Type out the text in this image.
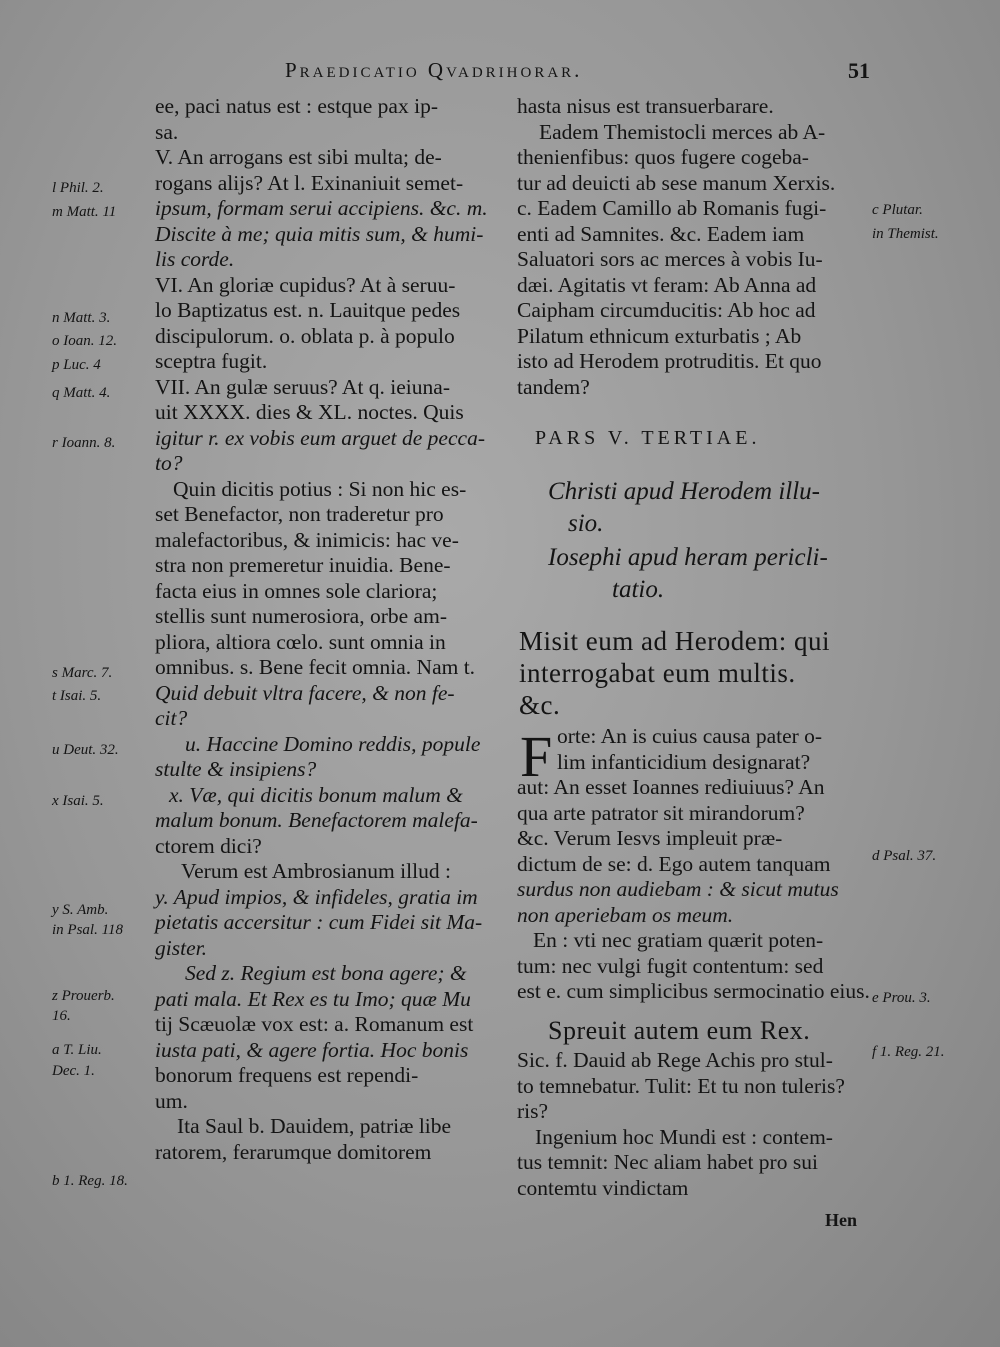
Praedicatio Qvadrihorar.	51
ee, paci natus est : estque pax ip-
sa.
V. An arrogans est sibi multa; de-
rogans alijs? At l. Exinaniuit semet-
ipsum, formam serui accipiens. &c. m.
Discite à me; quia mitis sum, & humi-
lis corde.
VI. An gloriæ cupidus? At à seruu-
lo Baptizatus est. n. Lauitque pedes
discipulorum. o. oblata p. à populo
sceptra fugit.
VII. An gulæ seruus? At q. ieiuna-
uit XXXX. dies & XL. noctes. Quis
igitur r. ex vobis eum arguet de pecca-
to?
Quin dicitis potius : Si non hic es-
set Benefactor, non traderetur pro
malefactoribus, & inimicis: hac ve-
stra non premeretur inuidia. Bene-
facta eius in omnes sole clariora;
stellis sunt numerosiora, orbe am-
pliora, altiora cœlo. sunt omnia in
omnibus. s. Bene fecit omnia. Nam t.
Quid debuit vltra facere, & non fe-
cit?
u. Haccine Domino reddis, popule
stulte & insipiens?
x. Væ, qui dicitis bonum malum &
malum bonum. Benefactorem malefa-
ctorem dici?
Verum est Ambrosianum illud :
y. Apud impios, & infideles, gratia im
pietatis accersitur : cum Fidei sit Ma-
gister.
Sed z. Regium est bona agere; &
pati mala. Et Rex es tu Imo; quæ Mu
tij Scæuolæ vox est: a. Romanum est
iusta pati, & agere fortia. Hoc bonis
bonorum frequens est rependi-
um.
Ita Saul b. Dauidem, patriæ libe
ratorem, ferarumque domitorem
l Phil. 2.
m Matt. 11
n Matt. 3.
o Ioan. 12.
p Luc. 4
q Matt. 4.
r Ioann. 8.
s Marc. 7.
t Isai. 5.
u Deut. 32.
x Isai. 5.
y S. Amb.
in Psal. 118
z Prouerb.
16.
a T. Liu.
Dec. 1.
b 1. Reg. 18.
hasta nisus est transuerbarare.
Eadem Themistocli merces ab A-
thenienfibus: quos fugere cogeba-
tur ad deuicti ab sese manum Xerxis.
c. Eadem Camillo ab Romanis fugi-
enti ad Samnites. &c. Eadem iam
Saluatori sors ac merces à vobis Iu-
dæi. Agitatis vt feram: Ab Anna ad
Caipham circumducitis: Ab hoc ad
Pilatum ethnicum exturbatis ; Ab
isto ad Herodem protruditis. Et quo
tandem?
PARS V. TERTIAE.
Christi apud Herodem illu-
sio.
Iosephi apud heram pericli-
tatio.
Misit eum ad Herodem: qui
interrogabat eum multis.
&c.
F orte: An is cuius causa pater o-
lim infanticidium designarat?
aut: An esset Ioannes rediuiuus? An
qua arte patrator sit mirandorum?
&c. Verum Iesvs impleuit præ-
dictum de se: d. Ego autem tanquam
surdus non audiebam : & sicut mutus
non aperiebam os meum.
En : vti nec gratiam quærit poten-
tum: nec vulgi fugit contentum: sed
est e. cum simplicibus sermocinatio eius.
Spreuit autem eum Rex.
Sic. f. Dauid ab Rege Achis pro stul-
to temnebatur. Tulit: Et tu non tuleris?
ris?
Ingenium hoc Mundi est : contem-
tus temnit: Nec aliam habet pro sui
contemtu vindictam
c Plutar.
in Themist.
d Psal. 37.
e Prou. 3.
f 1. Reg. 21.
Hen
